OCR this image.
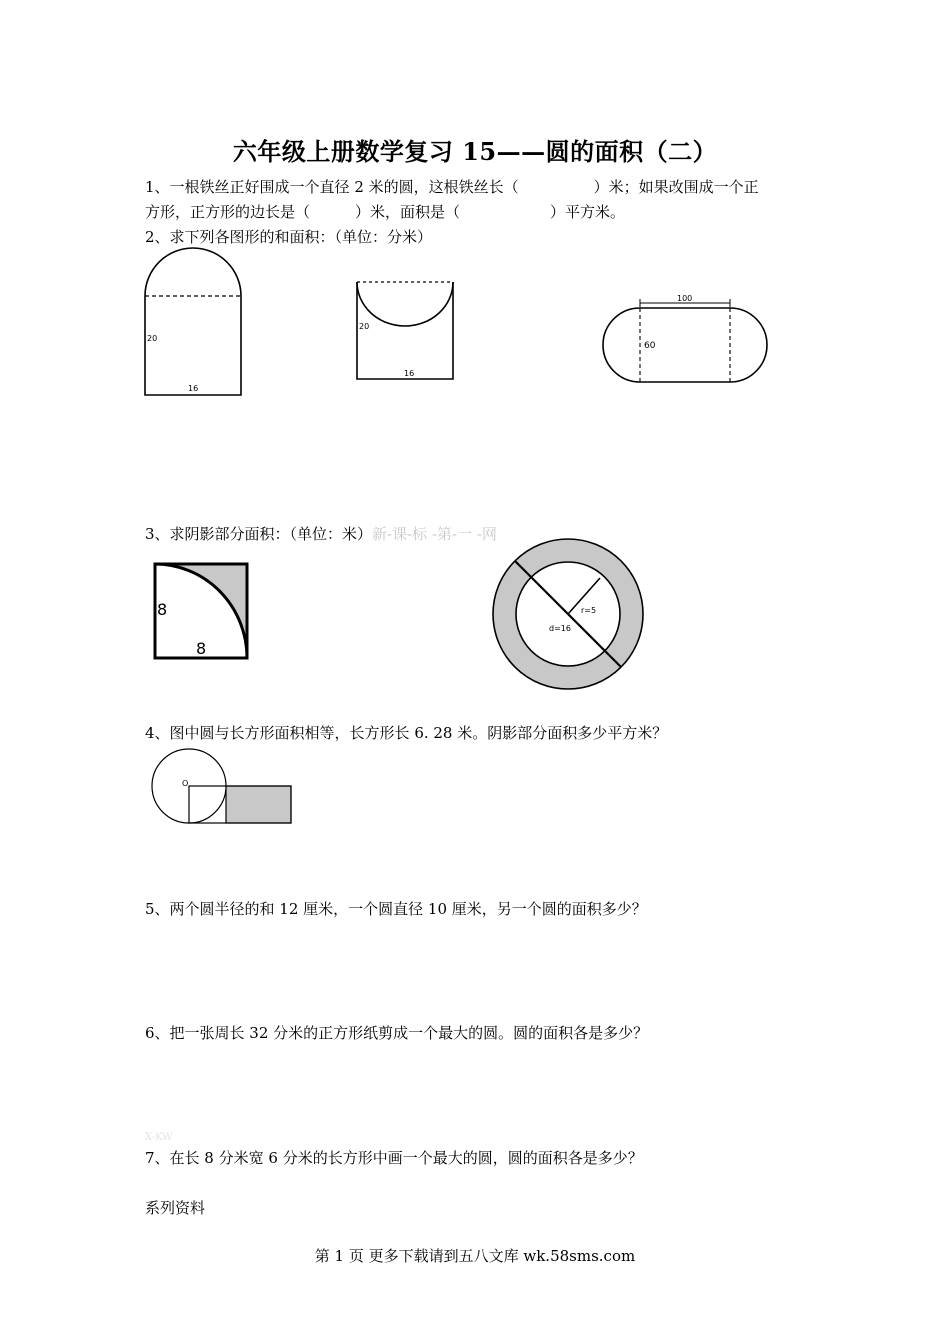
六年级上册数学复习 15——圆的面积（二）
1、一根铁丝正好围成一个直径 2 米的圆，这根铁丝长（　　　　　）米；如果改围成一个正
方形，正方形的边长是（　　　）米，面积是（　　　　　　）平方米。
2、求下列各图形的和面积：（单位：分米）
20
16
20
16
100
60
3、求阴影部分面积：（单位：米）新-课-标 -第-一 -网
8
8
r=5
d=16
4、图中圆与长方形面积相等，长方形长 6. 28 米。阴影部分面积多少平方米？
O
5、两个圆半径的和 12 厘米，一个圆直径 10 厘米，另一个圆的面积多少？
6、把一张周长 32 分米的正方形纸剪成一个最大的圆。圆的面积各是多少？
X-KW
7、在长 8 分米宽 6 分米的长方形中画一个最大的圆，圆的面积各是多少？
系列资料
第 1 页 更多下载请到五八文库 wk.58sms.com
